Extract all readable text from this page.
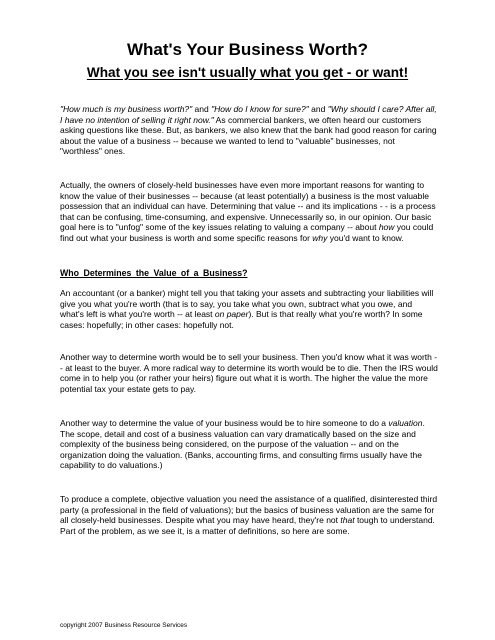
What's Your Business Worth?
What you see isn't usually what you get - or want!

"How much is my business worth?" and "How do I know for sure?" and "Why should I care? After all, I have no intention of selling it right now." As commercial bankers, we often heard our customers asking questions like these. But, as bankers, we also knew that the bank had good reason for caring about the value of a business -- because we wanted to lend to "valuable" businesses, not "worthless" ones.

Actually, the owners of closely-held businesses have even more important reasons for wanting to know the value of their businesses -- because (at least potentially) a business is the most valuable possession that an individual can have. Determining that value -- and its implications - - is a process that can be confusing, time-consuming, and expensive. Unnecessarily so, in our opinion. Our basic goal here is to "unfog" some of the key issues relating to valuing a company -- about how you could find out what your business is worth and some specific reasons for why you'd want to know.

Who Determines the Value of a Business?

An accountant (or a banker) might tell you that taking your assets and subtracting your liabilities will give you what you're worth (that is to say, you take what you own, subtract what you owe, and what's left is what you're worth -- at least on paper). But is that really what you're worth? In some cases: hopefully; in other cases: hopefully not.

Another way to determine worth would be to sell your business. Then you'd know what it was worth -- at least to the buyer. A more radical way to determine its worth would be to die. Then the IRS would come in to help you (or rather your heirs) figure out what it is worth. The higher the value the more potential tax your estate gets to pay.

Another way to determine the value of your business would be to hire someone to do a valuation. The scope, detail and cost of a business valuation can vary dramatically based on the size and complexity of the business being considered, on the purpose of the valuation -- and on the organization doing the valuation. (Banks, accounting firms, and consulting firms usually have the capability to do valuations.)

To produce a complete, objective valuation you need the assistance of a qualified, disinterested third party (a professional in the field of valuations); but the basics of business valuation are the same for all closely-held businesses. Despite what you may have heard, they're not that tough to understand. Part of the problem, as we see it, is a matter of definitions, so here are some.

copyright 2007 Business Resource Services
